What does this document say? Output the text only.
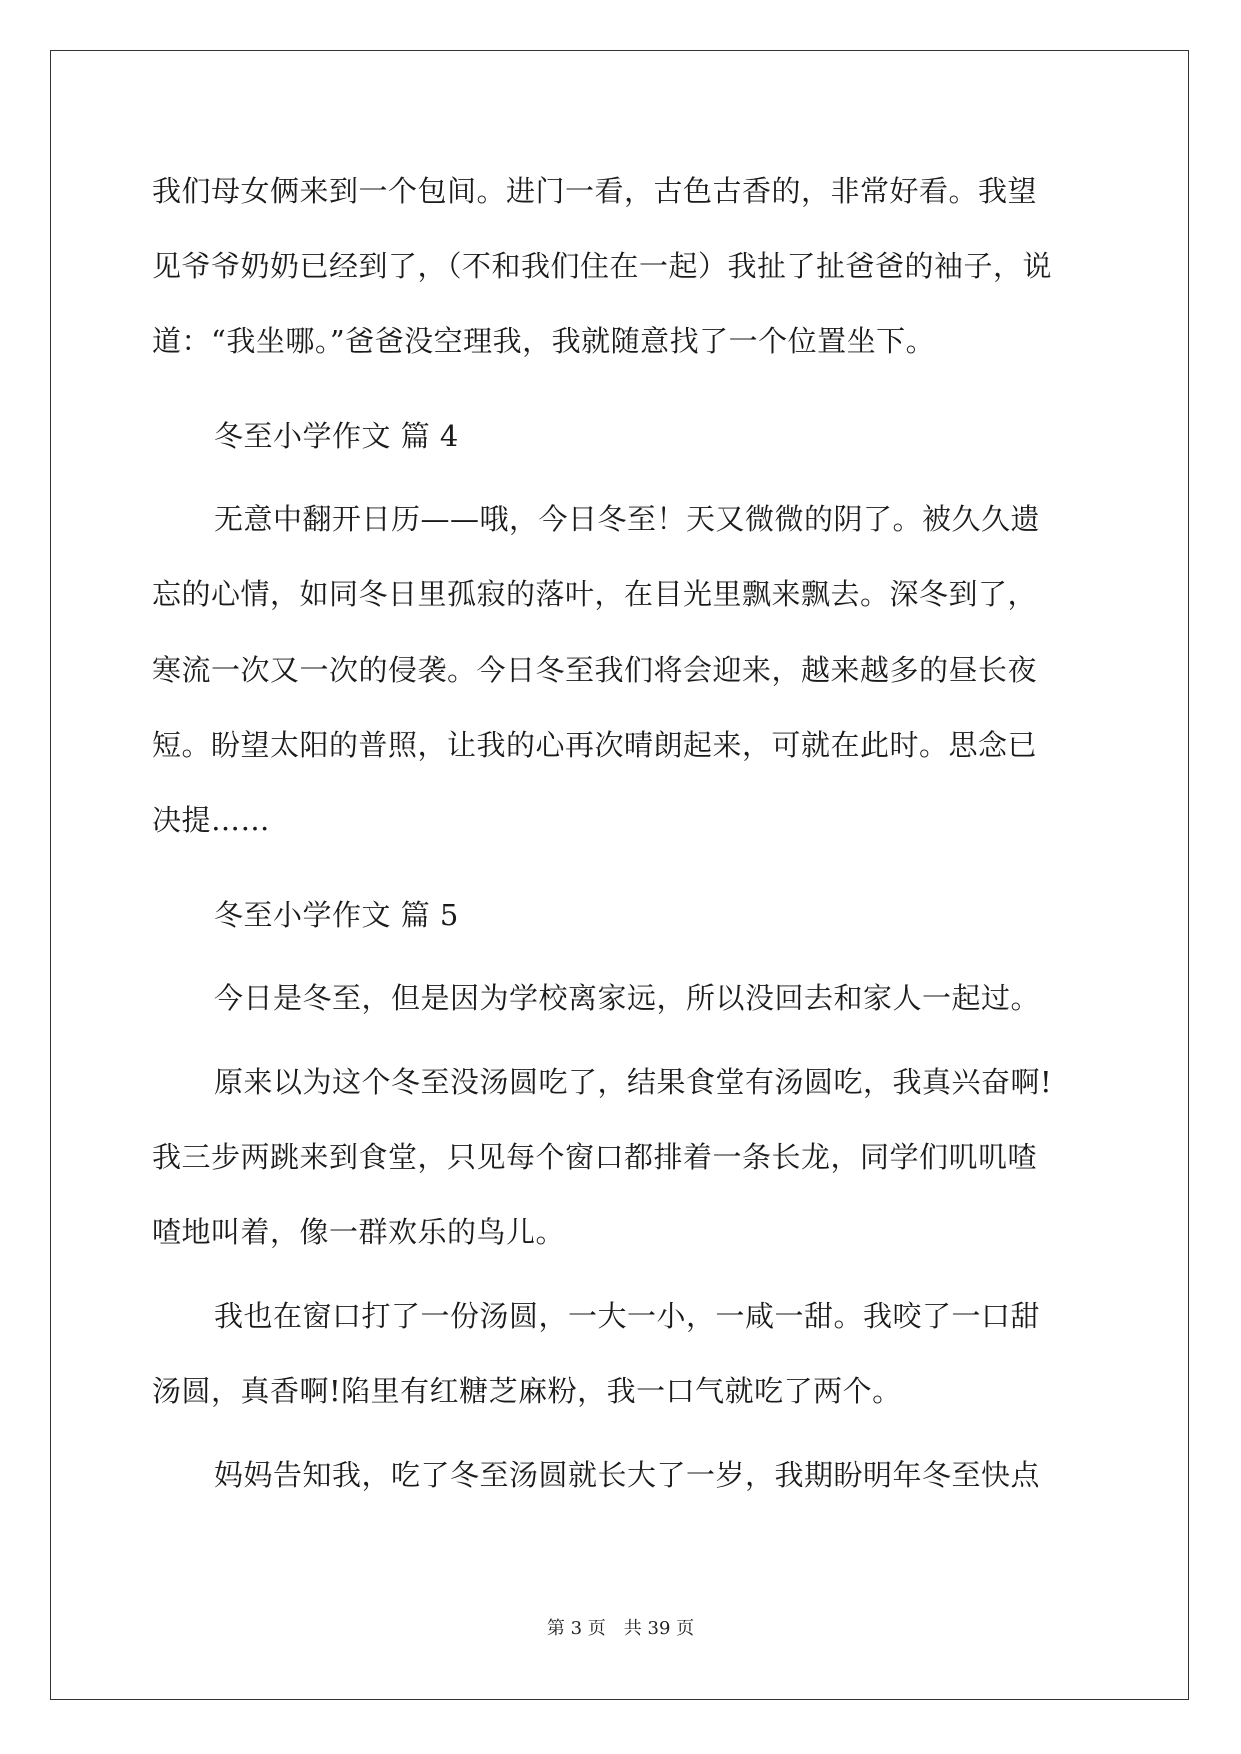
我们母女俩来到一个包间。进门一看，古色古香的，非常好看。我望
见爷爷奶奶已经到了，（不和我们住在一起）我扯了扯爸爸的袖子，说
道：“我坐哪。”爸爸没空理我，我就随意找了一个位置坐下。
冬至小学作文 篇 4
无意中翻开日历——哦，今日冬至！天又微微的阴了。被久久遗
忘的心情，如同冬日里孤寂的落叶，在目光里飘来飘去。深冬到了，
寒流一次又一次的侵袭。今日冬至我们将会迎来，越来越多的昼长夜
短。盼望太阳的普照，让我的心再次晴朗起来，可就在此时。思念已
决提……
冬至小学作文 篇 5
今日是冬至，但是因为学校离家远，所以没回去和家人一起过。
原来以为这个冬至没汤圆吃了，结果食堂有汤圆吃，我真兴奋啊!
我三步两跳来到食堂，只见每个窗口都排着一条长龙，同学们叽叽喳
喳地叫着，像一群欢乐的鸟儿。
我也在窗口打了一份汤圆，一大一小，一咸一甜。我咬了一口甜
汤圆，真香啊!陷里有红糖芝麻粉，我一口气就吃了两个。
妈妈告知我，吃了冬至汤圆就长大了一岁，我期盼明年冬至快点
第 3 页 共 39 页
